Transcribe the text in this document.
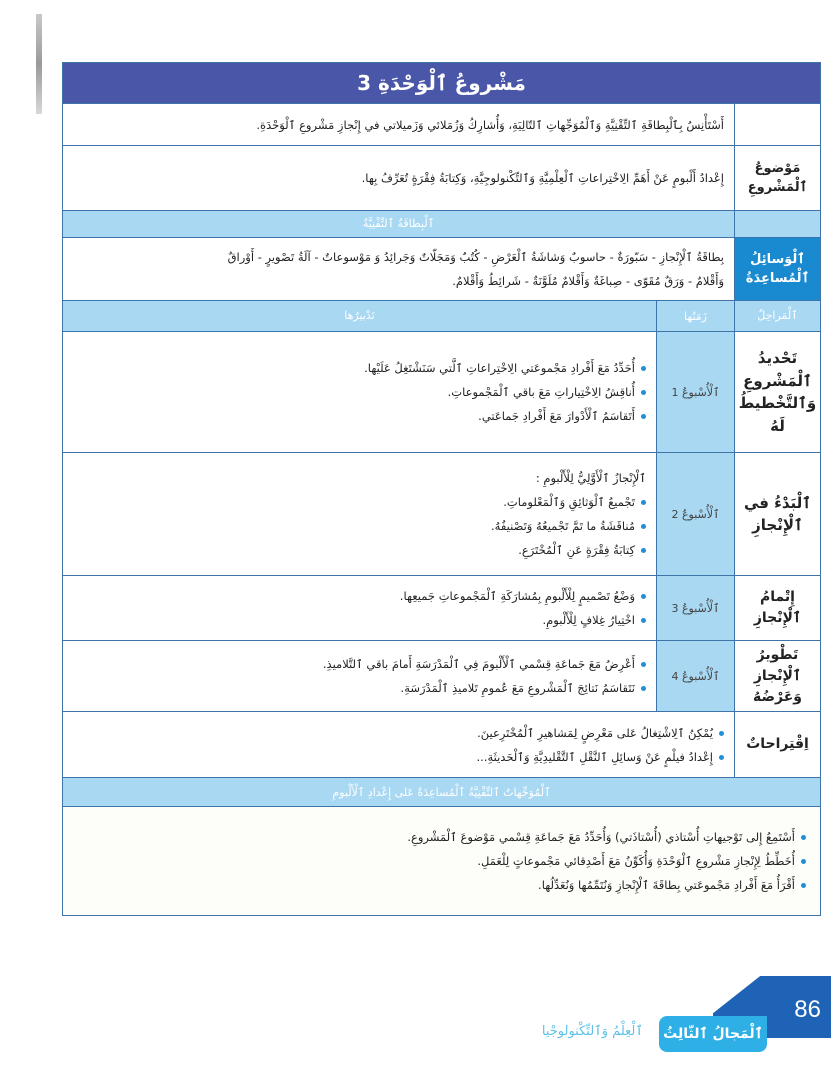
مَشْروعُ ٱلْوَحْدَةِ 3
أَسْتَأْنِسُ بِٱلْبِطاقَةِ ٱلتِّقْنِيَّةِ وَٱلْمُوَجِّهاتِ ٱلتّالِيَةِ، وَأُشارِكُ وَزُمَلائي وَزَميلاتي في إِنْجازِ مَشْروعِ ٱلْوَحْدَةِ.
مَوْضوعُ ٱلْمَشْروعِ
إِعْدادُ أَلْبومٍ عَنْ أَهَمِّ الِاخْتِراعاتِ ٱلْعِلْمِيَّةِ وَٱلتِّكْنولوجِيَّةِ، وَكِتابَةُ فِقْرَةٍ تُعَرِّفُ بِها.
ٱلْبِطاقَةُ ٱلتِّقْنِيَّةُ
ٱلْوَسائِلُ ٱلْمُساعِدَةُ
بِطاقَةُ ٱلْإِنْجازِ - سَبّورَةٌ - حاسوبٌ وَشاشَةُ ٱلْعَرْضِ - كُتُبٌ وَمَجَلّاتٌ وَجَرائِدُ وَ مَوْسوعاتٌ - آلَةُ تَصْويرٍ - أَوْراقٌ
وَأَقْلامٌ - وَرَقٌ مُقَوّى - صِباغَةٌ وَأَقْلامٌ مُلَوَّنَةٌ - شَرائِطُ وَأَقْلامٌ.
ٱلْمَراحِلُ
زَمَنُها
تَدْبيرُها
تَحْديدُ ٱلْمَشْروعِ وَٱلتَّخْطيطُ لَهُ
ٱلْأُسْبوعُ 1
أُحَدِّدُ مَعَ أَفْرادِ مَجْموعَتي الِاخْتِراعاتِ ٱلَّتي سَنَشْتَغِلُ عَلَيْها.
أُناقِشُ الِاخْتِياراتِ مَعَ باقي ٱلْمَجْموعاتِ.
أَتَقاسَمُ ٱلْأَدْوارَ مَعَ أَفْرادِ جَماعَتي.
ٱلْبَدْءُ في ٱلْإِنْجازِ
ٱلْأُسْبوعُ 2
ٱلْإِنْجازُ ٱلْأَوَّلِيُّ لِلْأَلْبومِ :
تَجْميعُ ٱلْوَثائِقِ وَٱلْمَعْلوماتِ.
مُناقَشَةُ ما تَمَّ تَجْميعُهُ وَتَصْنيفُهُ.
كِتابَةُ فِقْرَةٍ عَنِ ٱلْمُخْتَرَعِ.
إِتْمامُ ٱلْإِنْجازِ
ٱلْأُسْبوعُ 3
وَضْعُ تَصْميمٍ لِلْأَلْبومِ بِمُشارَكَةِ ٱلْمَجْموعاتِ جَميعِها.
اخْتِيارُ غِلافٍ لِلْأَلْبومِ.
تَطْويرُ ٱلْإِنْجازِ وَعَرْضُهُ
ٱلْأُسْبوعُ 4
أَعْرِضُ مَعَ جَماعَةِ قِسْمي ٱلْأَلْبومَ فِي ٱلْمَدْرَسَةِ أَمامَ باقي ٱلتَّلاميذِ.
نَتَقاسَمُ نَتائِجَ ٱلْمَشْروعِ مَعَ عُمومِ تَلاميذِ ٱلْمَدْرَسَةِ.
اِقْتِراحاتٌ
يُمْكِنُ ٱلِاشْتِغالُ عَلى مَعْرِضٍ لِمَشاهيرِ ٱلْمُخْتَرِعينَ.
إِعْدادُ فيلْمٍ عَنْ وَسائِلِ ٱلنَّقْلِ ٱلتَّقْليدِيَّةِ وَٱلْحَديثَةِ...
ٱلْمُوَجِّهاتُ ٱلتِّقْنِيَّةُ ٱلْمُساعِدَةُ عَلى إِعْدادِ ٱلْأَلْبومِ
أَسْتَمِعُ إِلى تَوْجيهاتِ أُسْتاذي (أُسْتاذَتي) وَأُحَدِّدُ مَعَ جَماعَةِ قِسْمي مَوْضوعَ ٱلْمَشْروعِ.
أُخَطِّطُ لِإِنْجازِ مَشْروعِ ٱلْوَحْدَةِ وَأُكَوِّنُ مَعَ أَصْدِقائي مَجْموعاتٍ لِلْعَمَلِ.
أَقْرَأُ مَعَ أَفْرادِ مَجْموعَتي بِطاقَةَ ٱلْإِنْجازِ وَنُتَمِّمُها وَنُعَدِّلُها.
86
ٱلْمَجالُ ٱلثّالِثُ
ٱلْعِلْمُ وَٱلتِّكْنولوجْيا
